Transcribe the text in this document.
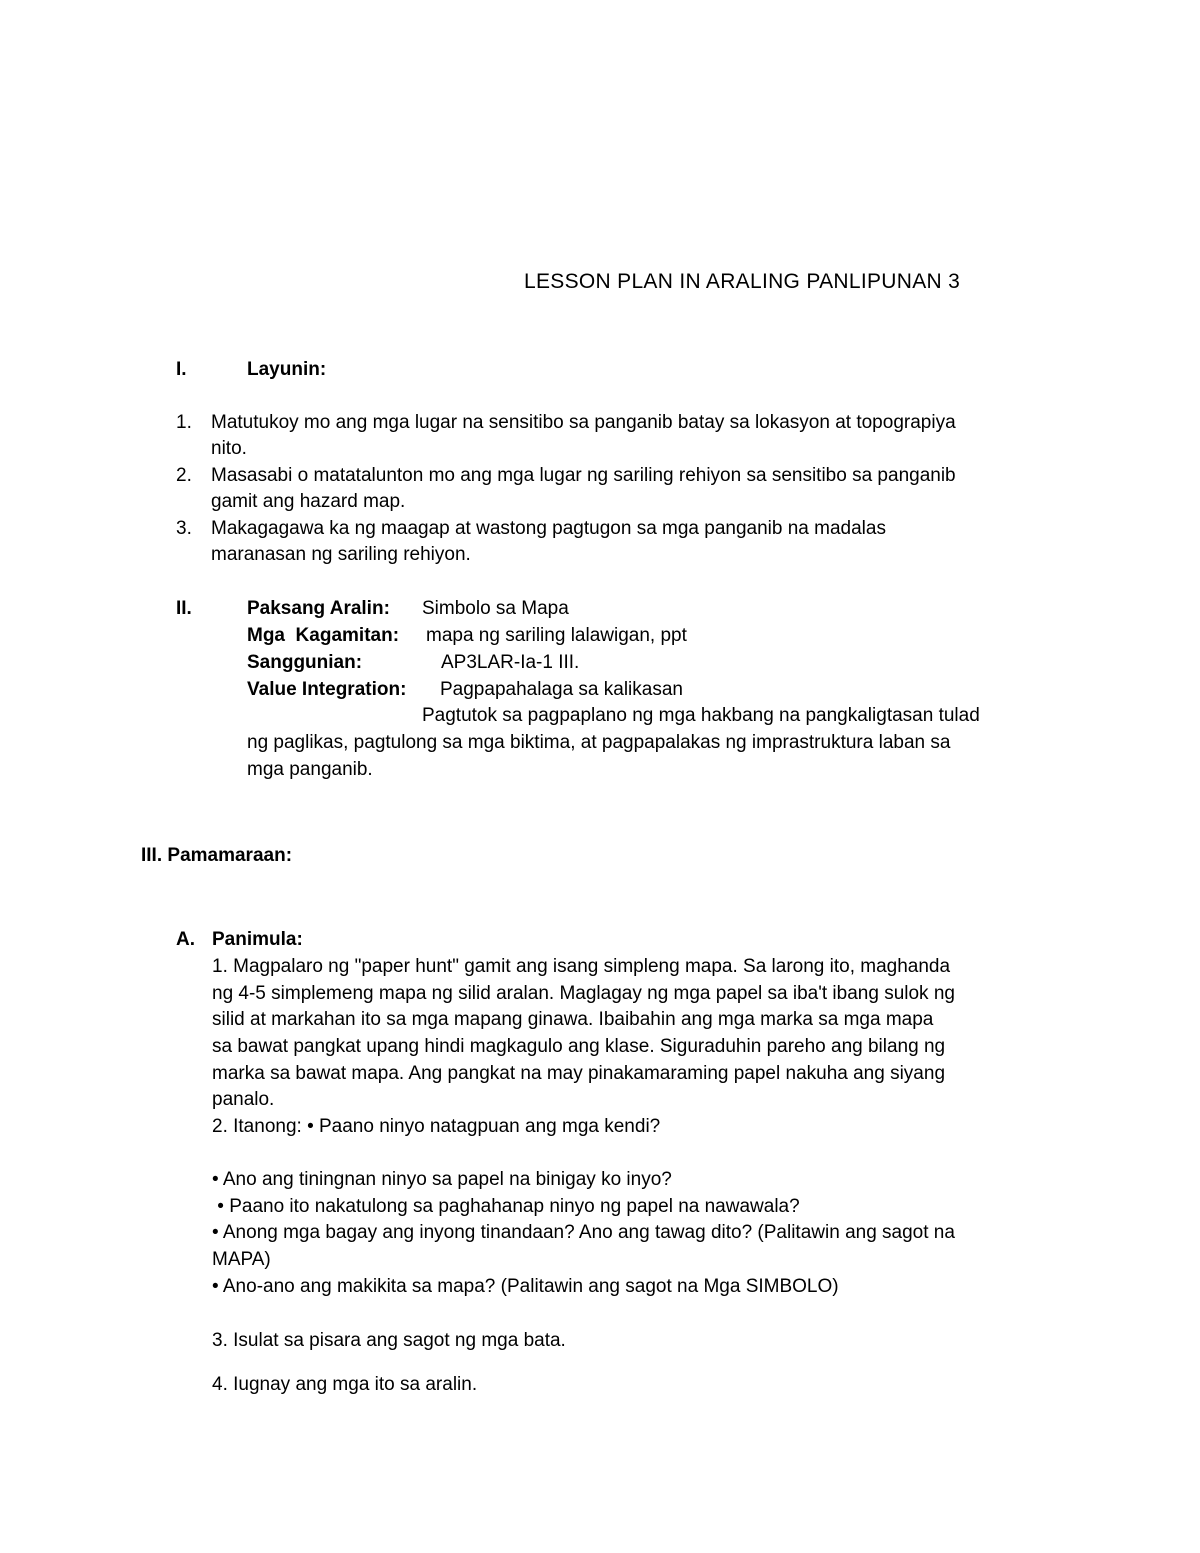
LESSON PLAN IN ARALING PANLIPUNAN 3
I.	Layunin:
1. Matutukoy mo ang mga lugar na sensitibo sa panganib batay sa lokasyon at topograpiya
nito.
2. Masasabi o matatalunton mo ang mga lugar ng sariling rehiyon sa sensitibo sa panganib
gamit ang hazard map.
3. Makagagawa ka ng maagap at wastong pagtugon sa mga panganib na madalas
maranasan ng sariling rehiyon.
II.	Paksang Aralin: Simbolo sa Mapa
Mga  Kagamitan: mapa ng sariling lalawigan, ppt
Sanggunian:	AP3LAR-Ia-1 III.
Value Integration: Pagpapahalaga sa kalikasan
Pagtutok sa pagpaplano ng mga hakbang na pangkaligtasan tulad
ng paglikas, pagtulong sa mga biktima, at pagpapalakas ng imprastruktura laban sa
mga panganib.
III. Pamamaraan:
A. Panimula:
1. Magpalaro ng "paper hunt" gamit ang isang simpleng mapa. Sa larong ito, maghanda
ng 4-5 simplemeng mapa ng silid aralan. Maglagay ng mga papel sa iba't ibang sulok ng
silid at markahan ito sa mga mapang ginawa. Ibaibahin ang mga marka sa mga mapa
sa bawat pangkat upang hindi magkagulo ang klase. Siguraduhin pareho ang bilang ng
marka sa bawat mapa. Ang pangkat na may pinakamaraming papel nakuha ang siyang
panalo.
2. Itanong: • Paano ninyo natagpuan ang mga kendi?
• Ano ang tiningnan ninyo sa papel na binigay ko inyo?
• Paano ito nakatulong sa paghahanap ninyo ng papel na nawawala?
• Anong mga bagay ang inyong tinandaan? Ano ang tawag dito? (Palitawin ang sagot na
MAPA)
• Ano-ano ang makikita sa mapa? (Palitawin ang sagot na Mga SIMBOLO)
3. Isulat sa pisara ang sagot ng mga bata.
4. Iugnay ang mga ito sa aralin.
